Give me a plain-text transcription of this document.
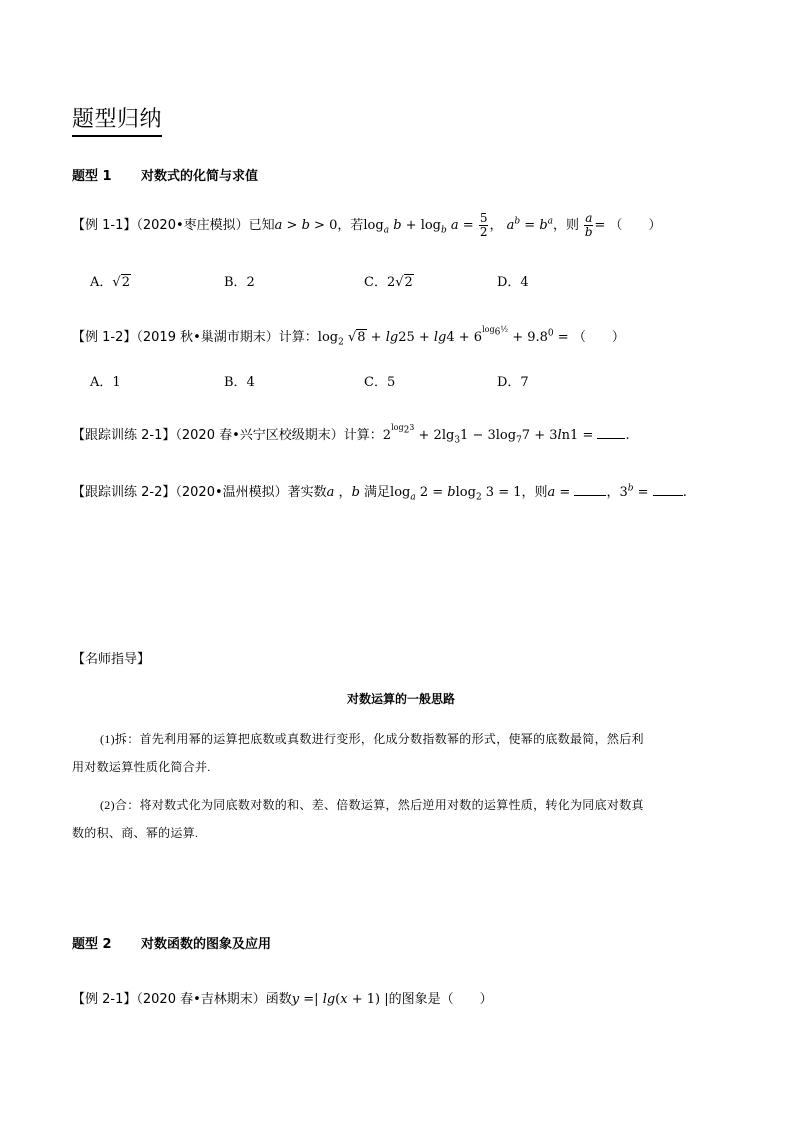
题型归纳
题型 1 对数式的化简与求值
【例 1-1】（2020•枣庄模拟）已知a > b > 0，若$\log_a b + \log_b a = \frac{5}{2}$ ， $a^b = b^a$，则 $\frac{a}{b}$ = （　　）
A．√2	B．2	C．2√2	D．4
【例 1-2】（2019 秋•巢湖市期末）计算：$\log_2 √8 + \lg 25 + \lg 4 + 6^{log_6\frac{1}{2}} + 9.8^0$ = （　　）
A．1	B．4	C．5	D．7
【跟踪训练 2-1】（2020 春•兴宁区校级期末）计算：$2^{log_23} + 2\lg_31 - 3\log_77 + 3\ln 1$ = .
【跟踪训练 2-2】（2020•温州模拟）著实数a ，b 满足$\log_a 2 = blog_2$ 3 = 1，则a = ，$3^b$ = .
【名师指导】
对数运算的一般思路
(1)拆：首先利用幂的运算把底数或真数进行变形，化成分数指数幂的形式，使幂的底数最简，然后利
用对数运算性质化简合并.
(2)合：将对数式化为同底数对数的和、差、倍数运算，然后逆用对数的运算性质，转化为同底对数真
数的积、商、幂的运算.
题型 2 对数函数的图象及应用
【例 2-1】（2020 春•吉林期末）函数y =| lg(x + 1) |的图象是（　　）
